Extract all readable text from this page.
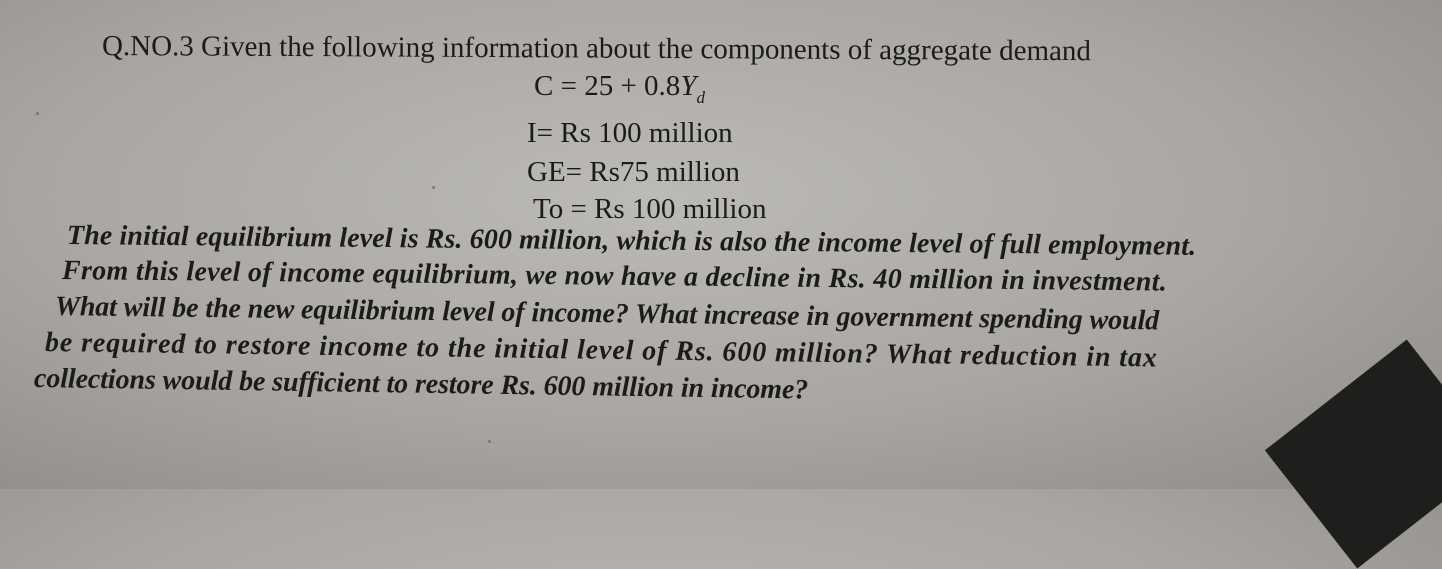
Q.NO.3 Given the following information about the components of aggregate demand
$C = 25 + 0.8Y_d$
I= Rs 100 million
GE= Rs75 million
To = Rs 100 million
The initial equilibrium level is Rs. 600 million, which is also the income level of full employment.
From this level of income equilibrium, we now have a decline in Rs. 40 million in investment.
What will be the new equilibrium level of income? What increase in government spending would
be required to restore income to the initial level of Rs. 600 million? What reduction in tax
collections would be sufficient to restore Rs. 600 million in income?
